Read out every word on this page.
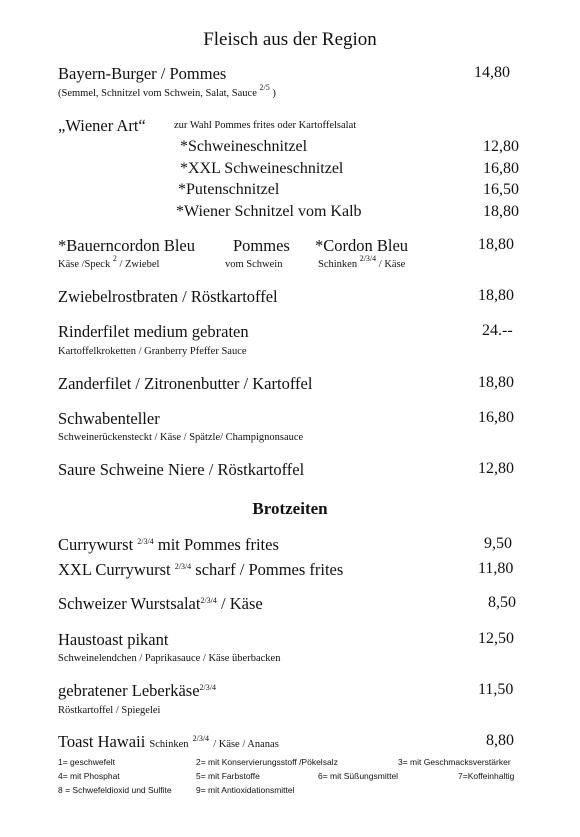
Fleisch aus der Region
Bayern-Burger / Pommes	14,80
(Semmel, Schnitzel vom Schwein, Salat, Sauce $^{2/5}$ )
„Wiener Art“	zur Wahl Pommes frites oder Kartoffelsalat
*Schweineschnitzel	12,80
*XXL Schweineschnitzel	16,80
*Putenschnitzel	16,50
*Wiener Schnitzel vom Kalb	18,80
*Bauerncordon Bleu Pommes *Cordon Bleu	18,80
Käse /Speck $^2$ / Zwiebel	vom Schwein	Schinken $^{2/3/4}$ / Käse
Zwiebelrostbraten / Röstkartoffel	18,80
Rinderfilet medium gebraten	24.--
Kartoffelkroketten / Granberry Pfeffer Sauce
Zanderfilet / Zitronenbutter / Kartoffel	18,80
Schwabenteller	16,80
Schweinerückensteckt / Käse / Spätzle/ Champignonsauce
Saure Schweine Niere / Röstkartoffel	12,80
Brotzeiten
Currywurst $^{2/3/4}$ mit Pommes frites	9,50
XXL Currywurst $^{2/3/4}$ scharf / Pommes frites	11,80
Schweizer Wurstsalat$^{2/3/4}$ / Käse	8,50
Haustoast pikant	12,50
Schweinelendchen / Paprikasauce / Käse überbacken
gebratener Leberkäse$^{2/3/4}$	11,50
Röstkartoffel / Spiegelei
Toast Hawaii Schinken $^{2/3/4}$ / Käse / Ananas	8,80
1= geschwefelt	2= mit Konservierungsstoff /Pökelsalz	3= mit Geschmacksverstärker
4= mit Phosphat	5= mit Farbstoffe	6= mit Süßungsmittel	7=Koffeinhaltig
8 = Schwefeldioxid und Sulfite	9= mit Antioxidationsmittel
